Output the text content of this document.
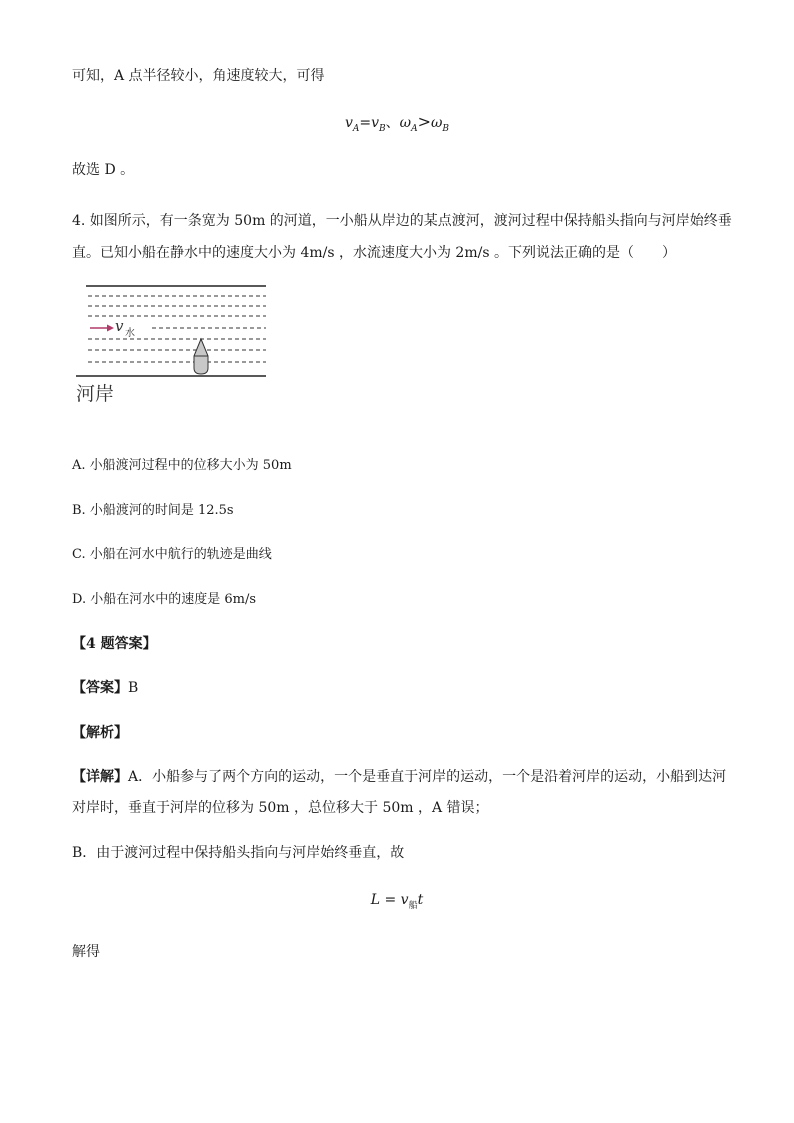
可知，A 点半径较小，角速度较大，可得
$v_A=v_B$、$\omega_A>\omega_B$
故选 D 。
4. 如图所示，有一条宽为 50m 的河道，一小船从岸边的某点渡河，渡河过程中保持船头指向与河岸始终垂
直。已知小船在静水中的速度大小为 4m/s ，水流速度大小为 2m/s 。下列说法正确的是（　　）
v 水
河岸
A. 小船渡河过程中的位移大小为 50m
B. 小船渡河的时间是 12.5s
C. 小船在河水中航行的轨迹是曲线
D. 小船在河水中的速度是 6m/s
【4 题答案】
【答案】B
【解析】
【详解】A．小船参与了两个方向的运动，一个是垂直于河岸的运动，一个是沿着河岸的运动，小船到达河
对岸时，垂直于河岸的位移为 50m ，总位移大于 50m ，A 错误；
B．由于渡河过程中保持船头指向与河岸始终垂直，故
$L = v_船t$
解得
